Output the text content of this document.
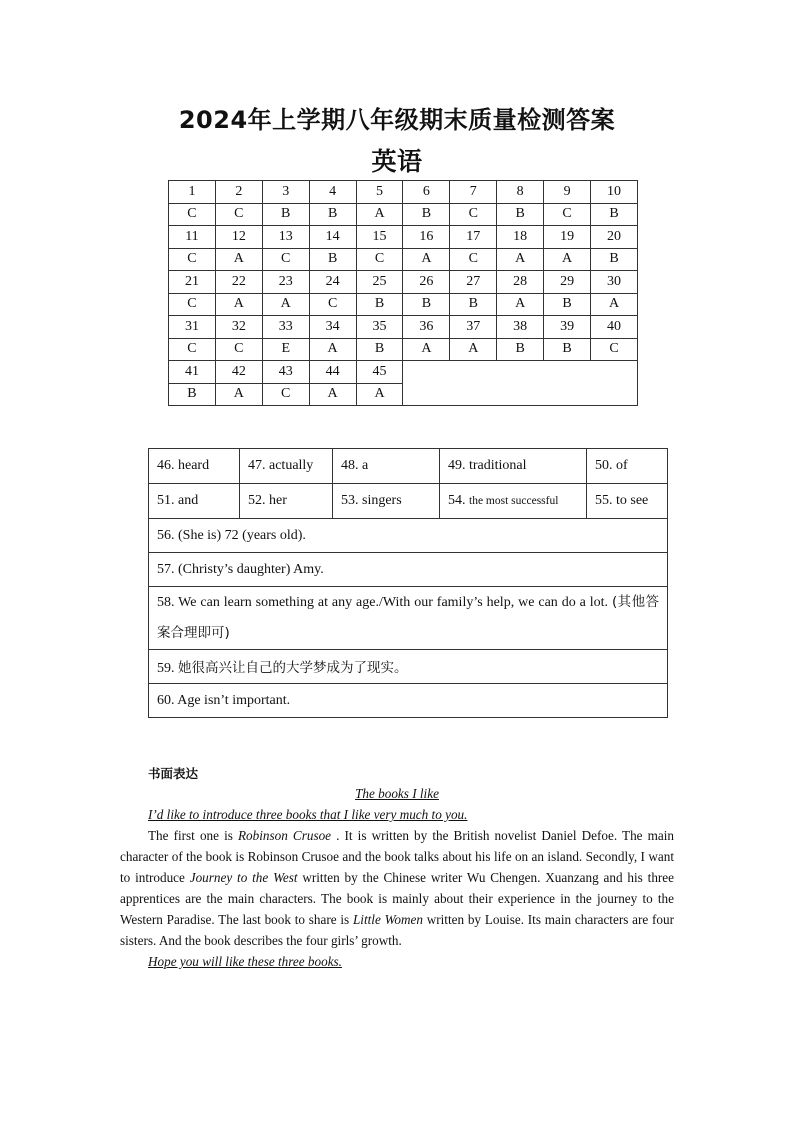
2024年上学期八年级期末质量检测答案
英语
1	2	3	4	5	6	7	8	9	10
C	C	B	B	A	B	C	B	C	B
11	12	13	14	15	16	17	18	19	20
C	A	C	B	C	A	C	A	A	B
21	22	23	24	25	26	27	28	29	30
C	A	A	C	B	B	B	A	B	A
31	32	33	34	35	36	37	38	39	40
C	C	E	A	B	A	A	B	B	C
41	42	43	44	45					
B	A	C	A	A					
46. heard	47. actually	48. a	49. traditional	50. of
51. and	52. her	53. singers	54. the most successful	55. to see
56. (She is) 72 (years old).				
57. (Christy’s daughter) Amy.				
58. We can learn something at any age./With our family’s help, we can do a lot. (其他答案合理即可)				
59. 她很高兴让自己的大学梦成为了现实。				
60. Age isn’t important.				
书面表达

The books I like

I’d like to introduce three books that I like very much to you.

The first one is Robinson Crusoe . It is written by the British novelist Daniel Defoe. The main character of the book is Robinson Crusoe and the book talks about his life on an island. Secondly, I want to introduce Journey to the West written by the Chinese writer Wu Chengen. Xuanzang and his three apprentices are the main characters. The book is mainly about their experience in the journey to the Western Paradise. The last book to share is Little Women written by Louise. Its main characters are four sisters. And the book describes the four girls’ growth.

Hope you will like these three books.
